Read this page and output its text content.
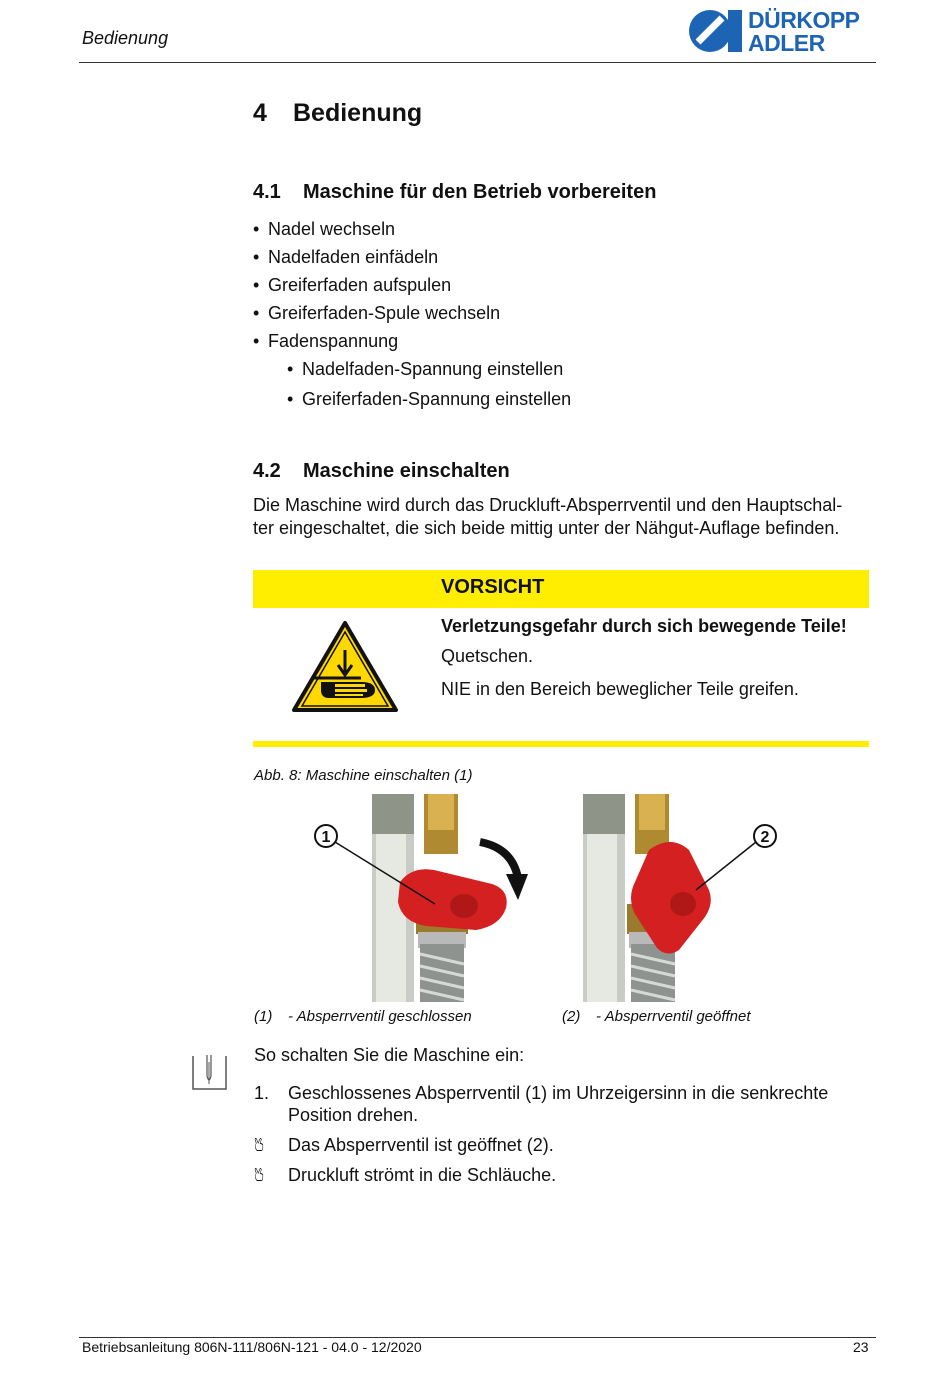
Bedienung
DÜRKOPP
ADLER
4 Bedienung
4.1 Maschine für den Betrieb vorbereiten
• Nadel wechseln
• Nadelfaden einfädeln
• Greiferfaden aufspulen
• Greiferfaden-Spule wechseln
• Fadenspannung
• Nadelfaden-Spannung einstellen
• Greiferfaden-Spannung einstellen
4.2 Maschine einschalten
Die Maschine wird durch das Druckluft-Absperrventil und den Hauptschal-
ter eingeschaltet, die sich beide mittig unter der Nähgut-Auflage befinden.
VORSICHT

Verletzungsgefahr durch sich bewegende Teile!

Quetschen.

NIE in den Bereich beweglicher Teile greifen.

Abb. 8: Maschine einschalten (1)
1	2
(1) - Absperrventil geschlossen	(2) - Absperrventil geöffnet
So schalten Sie die Maschine ein:
1. Geschlossenes Absperrventil (1) im Uhrzeigersinn in die senkrechte Position drehen.
🖔 Das Absperrventil ist geöffnet (2).
🖔 Druckluft strömt in die Schläuche.
Betriebsanleitung 806N-111/806N-121 - 04.0 - 12/2020	23
